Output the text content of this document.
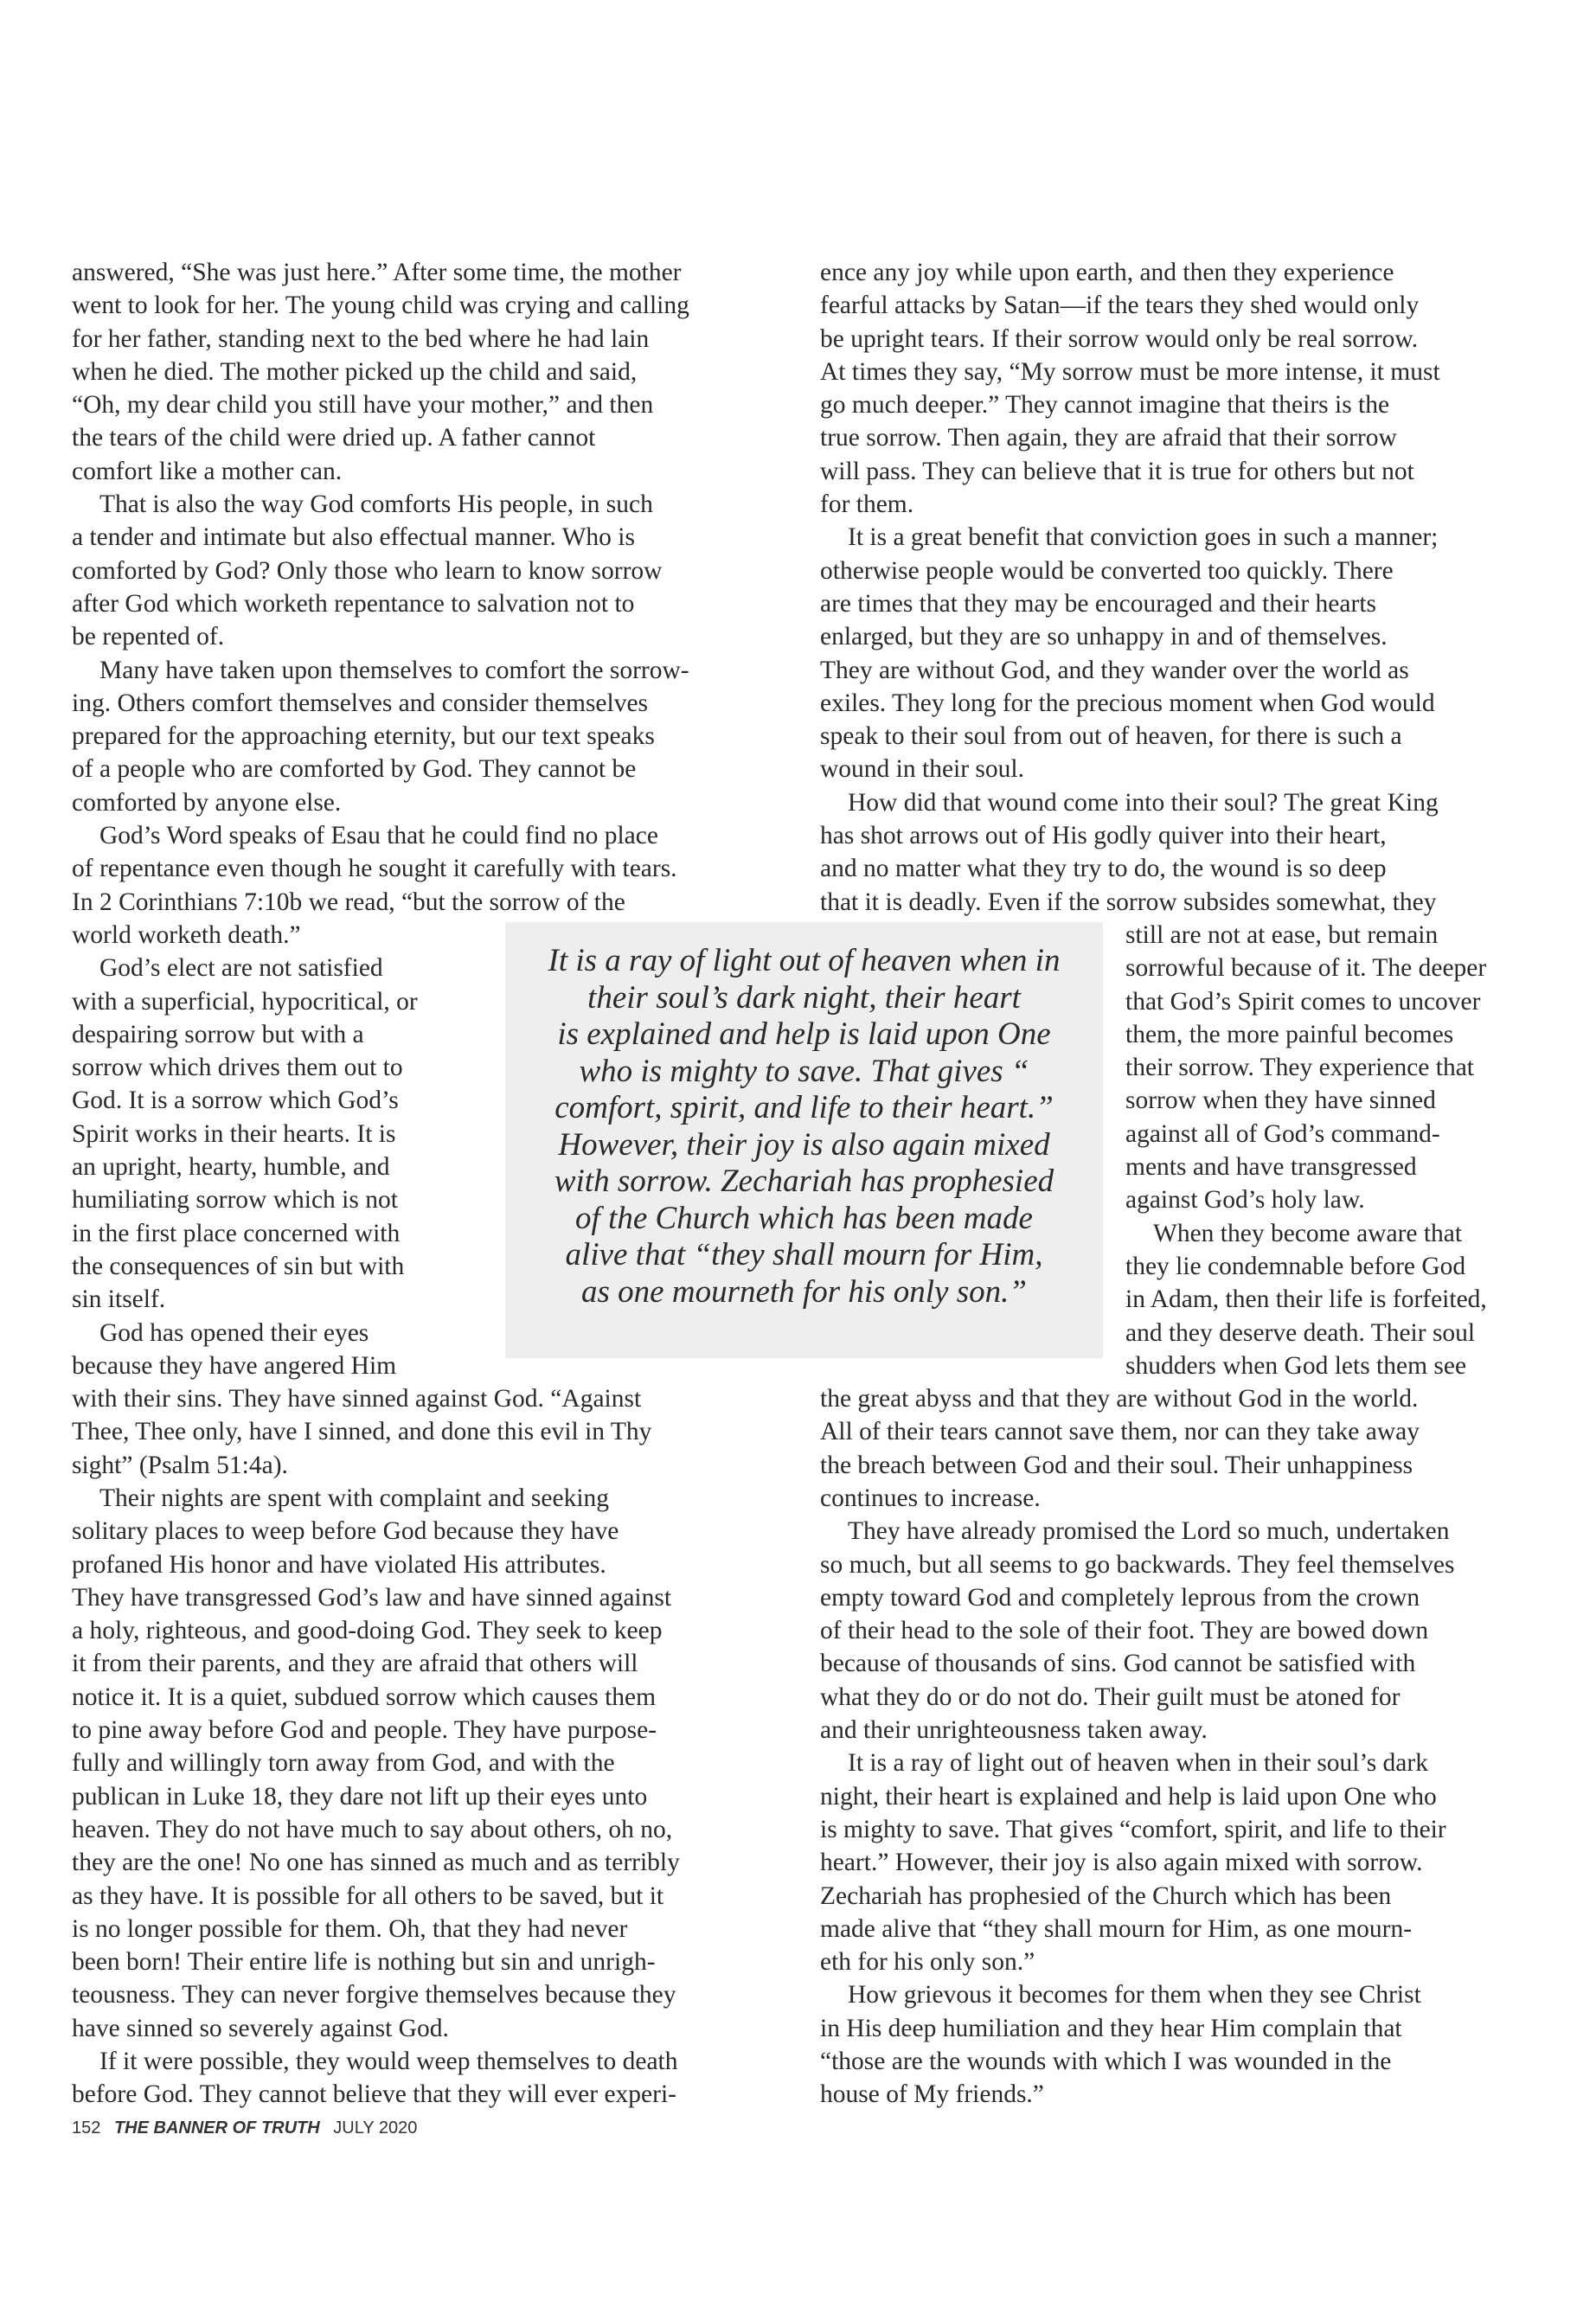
answered, “She was just here.” After some time, the mother

went to look for her. The young child was crying and calling

for her father, standing next to the bed where he had lain

when he died. The mother picked up the child and said,

“Oh, my dear child you still have your mother,” and then

the tears of the child were dried up. A father cannot

comfort like a mother can.

That is also the way God comforts His people, in such

a tender and intimate but also effectual manner. Who is

comforted by God? Only those who learn to know sorrow

after God which worketh repentance to salvation not to

be repented of.

Many have taken upon themselves to comfort the sorrow-

ing. Others comfort themselves and consider themselves

prepared for the approaching eternity, but our text speaks

of a people who are comforted by God. They cannot be

comforted by anyone else.

God’s Word speaks of Esau that he could find no place

of repentance even though he sought it carefully with tears.

In 2 Corinthians 7:10b we read, “but the sorrow of the

world worketh death.”

God’s elect are not satisfied

with a superficial, hypocritical, or

despairing sorrow but with a

sorrow which drives them out to

God. It is a sorrow which God’s

Spirit works in their hearts. It is

an upright, hearty, humble, and

humiliating sorrow which is not

in the first place concerned with

the consequences of sin but with

sin itself.

God has opened their eyes

because they have angered Him

with their sins. They have sinned against God. “Against

Thee, Thee only, have I sinned, and done this evil in Thy

sight” (Psalm 51:4a).

Their nights are spent with complaint and seeking

solitary places to weep before God because they have

profaned His honor and have violated His attributes.

They have transgressed God’s law and have sinned against

a holy, righteous, and good-doing God. They seek to keep

it from their parents, and they are afraid that others will

notice it. It is a quiet, subdued sorrow which causes them

to pine away before God and people. They have purpose-

fully and willingly torn away from God, and with the

publican in Luke 18, they dare not lift up their eyes unto

heaven. They do not have much to say about others, oh no,

they are the one! No one has sinned as much and as terribly

as they have. It is possible for all others to be saved, but it

is no longer possible for them. Oh, that they had never

been born! Their entire life is nothing but sin and unrigh-

teousness. They can never forgive themselves because they

have sinned so severely against God.

If it were possible, they would weep themselves to death

before God. They cannot believe that they will ever experi-

ence any joy while upon earth, and then they experience

fearful attacks by Satan—if the tears they shed would only

be upright tears. If their sorrow would only be real sorrow.

At times they say, “My sorrow must be more intense, it must

go much deeper.” They cannot imagine that theirs is the

true sorrow. Then again, they are afraid that their sorrow

will pass. They can believe that it is true for others but not

for them.

It is a great benefit that conviction goes in such a manner;

otherwise people would be converted too quickly. There

are times that they may be encouraged and their hearts

enlarged, but they are so unhappy in and of themselves.

They are without God, and they wander over the world as

exiles. They long for the precious moment when God would

speak to their soul from out of heaven, for there is such a

wound in their soul.

How did that wound come into their soul? The great King

has shot arrows out of His godly quiver into their heart,

and no matter what they try to do, the wound is so deep

that it is deadly. Even if the sorrow subsides somewhat, they

still are not at ease, but remain

sorrowful because of it. The deeper

that God’s Spirit comes to uncover

them, the more painful becomes

their sorrow. They experience that

sorrow when they have sinned

against all of God’s command-

ments and have transgressed

against God’s holy law.

When they become aware that

they lie condemnable before God

in Adam, then their life is forfeited,

and they deserve death. Their soul

shudders when God lets them see

the great abyss and that they are without God in the world.

All of their tears cannot save them, nor can they take away

the breach between God and their soul. Their unhappiness

continues to increase.

They have already promised the Lord so much, undertaken

so much, but all seems to go backwards. They feel themselves

empty toward God and completely leprous from the crown

of their head to the sole of their foot. They are bowed down

because of thousands of sins. God cannot be satisfied with

what they do or do not do. Their guilt must be atoned for

and their unrighteousness taken away.

It is a ray of light out of heaven when in their soul’s dark

night, their heart is explained and help is laid upon One who

is mighty to save. That gives “comfort, spirit, and life to their

heart.” However, their joy is also again mixed with sorrow.

Zechariah has prophesied of the Church which has been

made alive that “they shall mourn for Him, as one mourn-

eth for his only son.”

How grievous it becomes for them when they see Christ

in His deep humiliation and they hear Him complain that

“those are the wounds with which I was wounded in the

house of My friends.”

It is a ray of light out of heaven when in
their soul’s dark night, their heart
is explained and help is laid upon One
who is mighty to save. That gives “
comfort, spirit, and life to their heart.”
However, their joy is also again mixed
with sorrow. Zechariah has prophesied
of the Church which has been made
alive that “they shall mourn for Him,
as one mourneth for his only son.”
152 THE BANNER OF TRUTH JULY 2020
